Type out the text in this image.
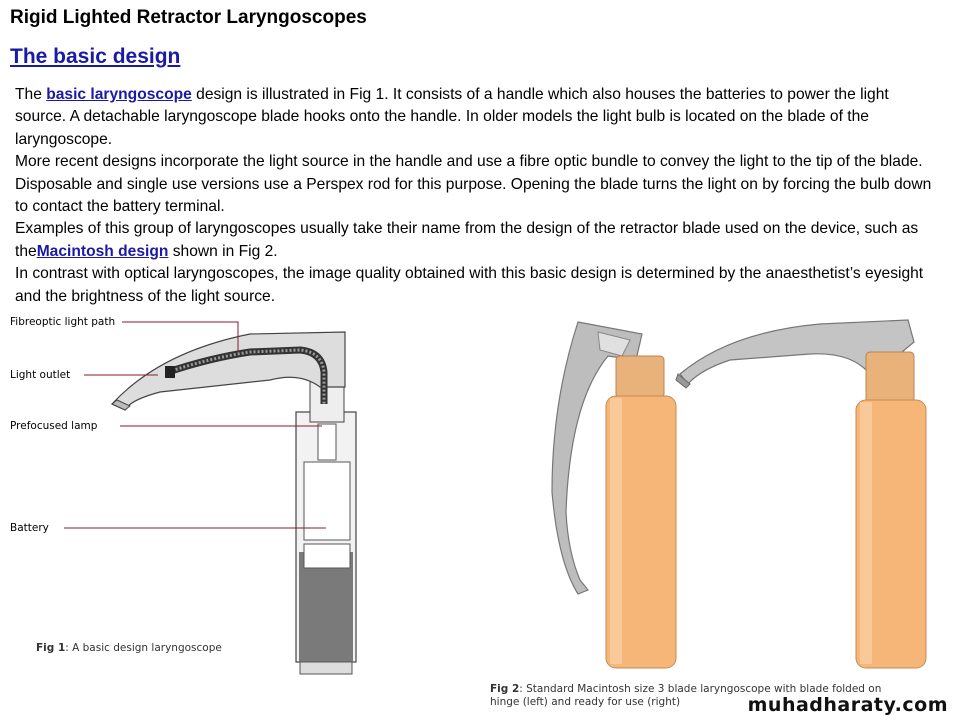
Rigid Lighted Retractor Laryngoscopes
The basic design

The basic laryngoscope design is illustrated in Fig 1. It consists of a handle which also houses the batteries to power the light source. A detachable laryngoscope blade hooks onto the handle. In older models the light bulb is located on the blade of the laryngoscope.

More recent designs incorporate the light source in the handle and use a fibre optic bundle to convey the light to the tip of the blade. Disposable and single use versions use a Perspex rod for this purpose. Opening the blade turns the light on by forcing the bulb down to contact the battery terminal.

Examples of this group of laryngoscopes usually take their name from the design of the retractor blade used on the device, such as theMacintosh design shown in Fig 2.

In contrast with optical laryngoscopes, the image quality obtained with this basic design is determined by the anaesthetist’s eyesight and the brightness of the light source.

Fibreoptic light path
Light outlet
Prefocused lamp
Battery
Fig 1: A basic design laryngoscope
Fig 2: Standard Macintosh size 3 blade laryngoscope with blade folded on hinge (left) and ready for use (right)	muhadharaty.com
